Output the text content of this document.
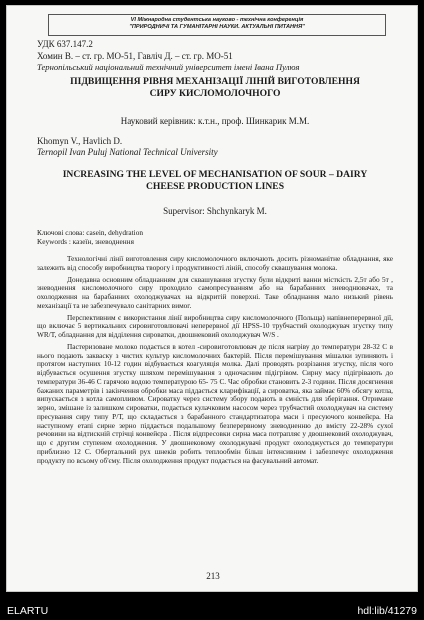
VI Міжнародна студентська науково - технічна конференція
"ПРИРОДНИЧІ ТА ГУМАНІТАРНІ НАУКИ. АКТУАЛЬНІ ПИТАННЯ"
УДК 637.147.2
Хомин В. – ст. гр. МО-51, Гавліч Д. – ст. гр. МО-51
Тернопільський національний технічний університет імені Івана Пулюя
ПІДВИЩЕННЯ РІВНЯ МЕХАНІЗАЦІЇ ЛІНІЙ ВИГОТОВЛЕННЯ
СИРУ КИСЛОМОЛОЧНОГО
Науковий керівник: к.т.н., проф. Шинкарик М.М.
Khomyn V., Havlich D.
Ternopil Ivan Puluj National Technical University
INCREASING THE LEVEL OF MECHANISATION OF SOUR – DAIRY
CHEESE PRODUCTION LINES
Supervisor: Shchynkaryk M.
Ключові слова: casein, dehydration
Keywords : казеїн, зневоднення

Технологічні лінії виготовлення сиру кисломолочного включають досить різноманітне обладнання, яке залежить від способу виробництва творогу і продуктивності ліній, способу сквашування молока.

Донедавна основним обладнанням для сквашування згустку були відкриті ванни місткість 2,5т або 5т , зневоднення кисломолочного сиру проходило самопресуванням або на барабанних зневоднювачах, та охолодження на барабанних охолоджувачах на відкритій поверхні. Таке обладнання мало низький рівень механізації та не забезпечувало санітарних вимог.

Перспективним є використання лінії виробництва сиру кисломолочного (Польща) напівнеперервної дії, що включає 5 вертикальних сировиготовлювачі неперервної дії HPSS-10 трубчастий охолоджувач згустку типу WR/T, обладнання для відділення сироватки, двошнековий охолоджувач W/S .

Пастеризоване молоко подається в котел -сировиготовлювач де після нагріву до температури 28-32 С в нього подають закваску з чистих культур кисломолочних бактерій. Після перемішування мішалки зупиняють і протягом наступних 10-12 годин відбувається коагуляція молка. Далі проводять розрізання згустку, після чого відбувається осушення згустку шляхом перемішування з одночасним підігрівом. Сирну масу підігрівають до температури 36-46 С гарячою водою температурою 65- 75 С. Час обробки становить 2-3 години. Після досягнення бажаних параметрів і закінчення обробки маса піддається кларифікації, а сироватка, яка займає 60% обсягу котла, випускається з котла самопливом. Сироватку через систему збору подають в ємність для зберігання. Отримане зерно, змішане із залишком сироватки, подається кулачковим насосом через трубчастий охолоджувач на систему пресування сиру типу Р/Т, що складається з барабанного стандартизатора маси і пресуючого конвейєра. На наступному етапі сирне зерно піддається подальшому безперервному зневодненню до вмісту 22-28% сухої речовини на відтискній стрічці конвейєра . Після відпресовки сирна маса потрапляє у двошнековий охолоджувач, що є другим ступенем охолодження. У двошнековому охолоджувачі продукт охолоджується до температури приблизно 12 С. Обертальний рух шнеків робить теплообмін більш інтенсивним і забезпечує охолодження продукту по всьому об'єму. Після охолодження продукт подається на фасувальний автомат.

213
ELARTU	hdl:lib/41279
